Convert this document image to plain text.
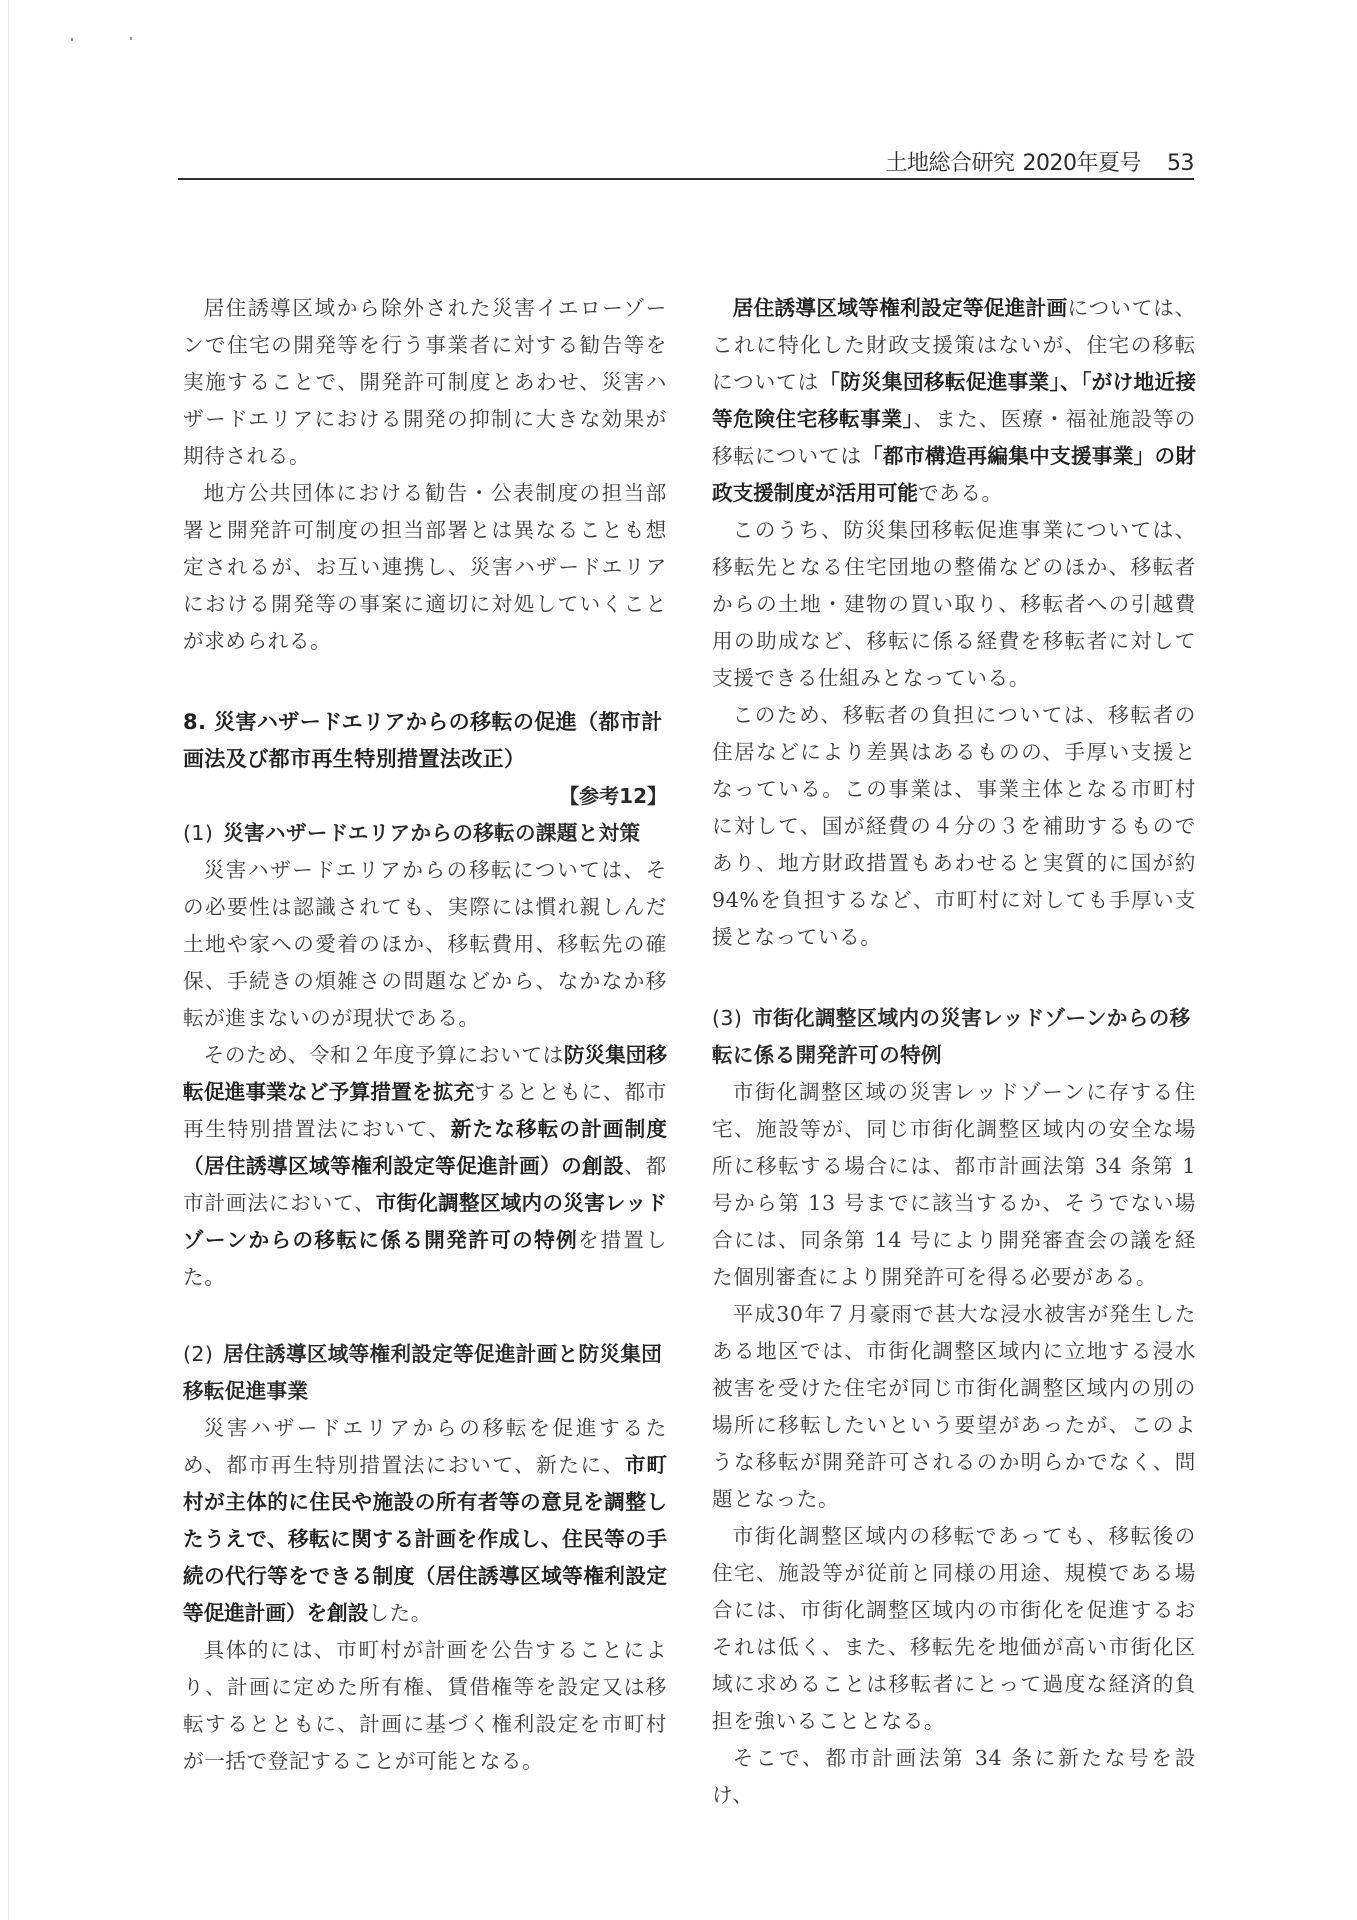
土地総合研究 2020年夏号 53

居住誘導区域から除外された災害イエローゾーンで住宅の開発等を行う事業者に対する勧告等を実施することで、開発許可制度とあわせ、災害ハザードエリアにおける開発の抑制に大きな効果が期待される。

地方公共団体における勧告・公表制度の担当部署と開発許可制度の担当部署とは異なることも想定されるが、お互い連携し、災害ハザードエリアにおける開発等の事案に適切に対処していくことが求められる。

8. 災害ハザードエリアからの移転の促進（都市計画法及び都市再生特別措置法改正）
【参考12】
(1) 災害ハザードエリアからの移転の課題と対策

災害ハザードエリアからの移転については、その必要性は認識されても、実際には慣れ親しんだ土地や家への愛着のほか、移転費用、移転先の確保、手続きの煩雑さの問題などから、なかなか移転が進まないのが現状である。

そのため、令和２年度予算においては防災集団移転促進事業など予算措置を拡充するとともに、都市再生特別措置法において、新たな移転の計画制度（居住誘導区域等権利設定等促進計画）の創設、都市計画法において、市街化調整区域内の災害レッドゾーンからの移転に係る開発許可の特例を措置した。

(2) 居住誘導区域等権利設定等促進計画と防災集団移転促進事業

災害ハザードエリアからの移転を促進するため、都市再生特別措置法において、新たに、市町村が主体的に住民や施設の所有者等の意見を調整したうえで、移転に関する計画を作成し、住民等の手続の代行等をできる制度（居住誘導区域等権利設定等促進計画）を創設した。

具体的には、市町村が計画を公告することにより、計画に定めた所有権、賃借権等を設定又は移転するとともに、計画に基づく権利設定を市町村が一括で登記することが可能となる。

居住誘導区域等権利設定等促進計画については、これに特化した財政支援策はないが、住宅の移転については「防災集団移転促進事業」、「がけ地近接等危険住宅移転事業」、また、医療・福祉施設等の移転については「都市構造再編集中支援事業」の財政支援制度が活用可能である。

このうち、防災集団移転促進事業については、移転先となる住宅団地の整備などのほか、移転者からの土地・建物の買い取り、移転者への引越費用の助成など、移転に係る経費を移転者に対して支援できる仕組みとなっている。

このため、移転者の負担については、移転者の住居などにより差異はあるものの、手厚い支援となっている。この事業は、事業主体となる市町村に対して、国が経費の４分の３を補助するものであり、地方財政措置もあわせると実質的に国が約94%を負担するなど、市町村に対しても手厚い支援となっている。

(3) 市街化調整区域内の災害レッドゾーンからの移転に係る開発許可の特例

市街化調整区域の災害レッドゾーンに存する住宅、施設等が、同じ市街化調整区域内の安全な場所に移転する場合には、都市計画法第 34 条第 1 号から第 13 号までに該当するか、そうでない場合には、同条第 14 号により開発審査会の議を経た個別審査により開発許可を得る必要がある。

平成30年７月豪雨で甚大な浸水被害が発生したある地区では、市街化調整区域内に立地する浸水被害を受けた住宅が同じ市街化調整区域内の別の場所に移転したいという要望があったが、このような移転が開発許可されるのか明らかでなく、問題となった。

市街化調整区域内の移転であっても、移転後の住宅、施設等が従前と同様の用途、規模である場合には、市街化調整区域内の市街化を促進するおそれは低く、また、移転先を地価が高い市街化区域に求めることは移転者にとって過度な経済的負担を強いることとなる。

そこで、都市計画法第 34 条に新たな号を設け、
